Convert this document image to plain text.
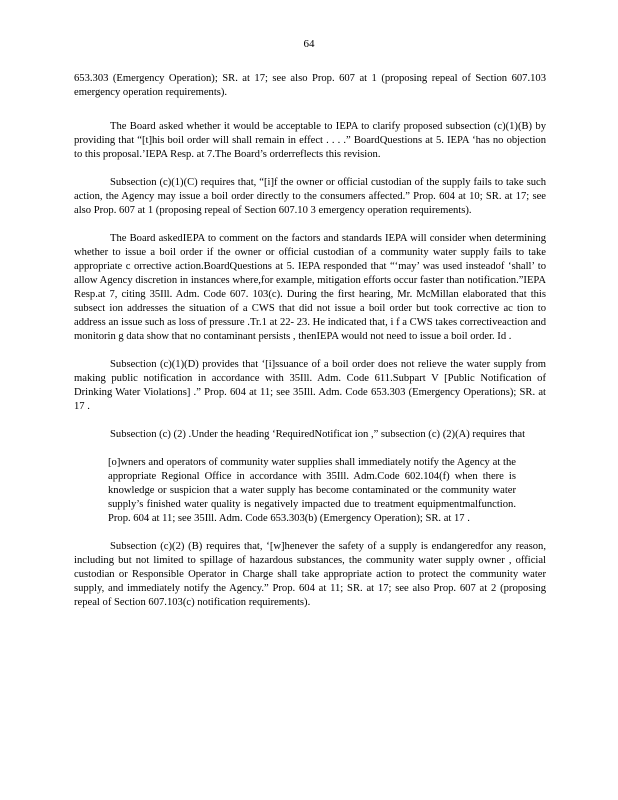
64

653.303 (Emergency Operation); SR. at 17; see also Prop. 607 at 1 (proposing repeal of Section 607.103 emergency operation requirements).

The Board asked whether it would be acceptable to IEPA to clarify proposed subsection (c)(1)(B) by providing that “[t]his boil order will shall remain in effect . . . .” BoardQuestions at 5. IEPA ‘has no objection to this proposal.’IEPA Resp. at 7.The Board’s orderreflects this revision.

Subsection (c)(1)(C) requires that, “[i]f the owner or official custodian of the supply fails to take such action, the Agency may issue a boil order directly to the consumers affected.” Prop. 604 at 10; SR. at 17; see also Prop. 607 at 1 (proposing repeal of Section 607.10 3 emergency operation requirements).

The Board askedIEPA to comment on the factors and standards IEPA will consider when determining whether to issue a boil order if the owner or official custodian of a community water supply fails to take appropriate c orrective action.BoardQuestions at 5. IEPA responded that “‘may’ was used insteadof ‘shall’ to allow Agency discretion in instances where,for example, mitigation efforts occur faster than notification.”IEPA Resp.at 7, citing 35Ill. Adm. Code 607. 103(c). During the first hearing, Mr. McMillan elaborated that this subsect ion addresses the situation of a CWS that did not issue a boil order but took corrective ac tion to address an issue such as loss of pressure .Tr.1 at 22- 23. He indicated that, i f a CWS takes correctiveaction and monitorin g data show that no contaminant persists , thenIEPA would not need to issue a boil order. Id .

Subsection (c)(1)(D) provides that ‘[i]ssuance of a boil order does not relieve the water supply from making public notification in accordance with 35Ill. Adm. Code 611.Subpart V [Public Notification of Drinking Water Violations] .” Prop. 604 at 11; see 35Ill. Adm. Code 653.303 (Emergency Operations); SR. at 17 .

Subsection (c) (2) .Under the heading ‘RequiredNotificat ion ,” subsection (c) (2)(A) requires that

[o]wners and operators of community water supplies shall immediately notify the Agency at the appropriate Regional Office in accordance with 35Ill. Adm.Code 602.104(f) when there is knowledge or suspicion that a water supply has become contaminated or the community water supply’s finished water quality is negatively impacted due to treatment equipmentmalfunction. Prop. 604 at 11; see 35Ill. Adm. Code 653.303(b) (Emergency Operation); SR. at 17 .

Subsection (c)(2) (B) requires that, ‘[w]henever the safety of a supply is endangeredfor any reason, including but not limited to spillage of hazardous substances, the community water supply owner , official custodian or Responsible Operator in Charge shall take appropriate action to protect the community water supply, and immediately notify the Agency.” Prop. 604 at 11; SR. at 17; see also Prop. 607 at 2 (proposing repeal of Section 607.103(c) notification requirements).
